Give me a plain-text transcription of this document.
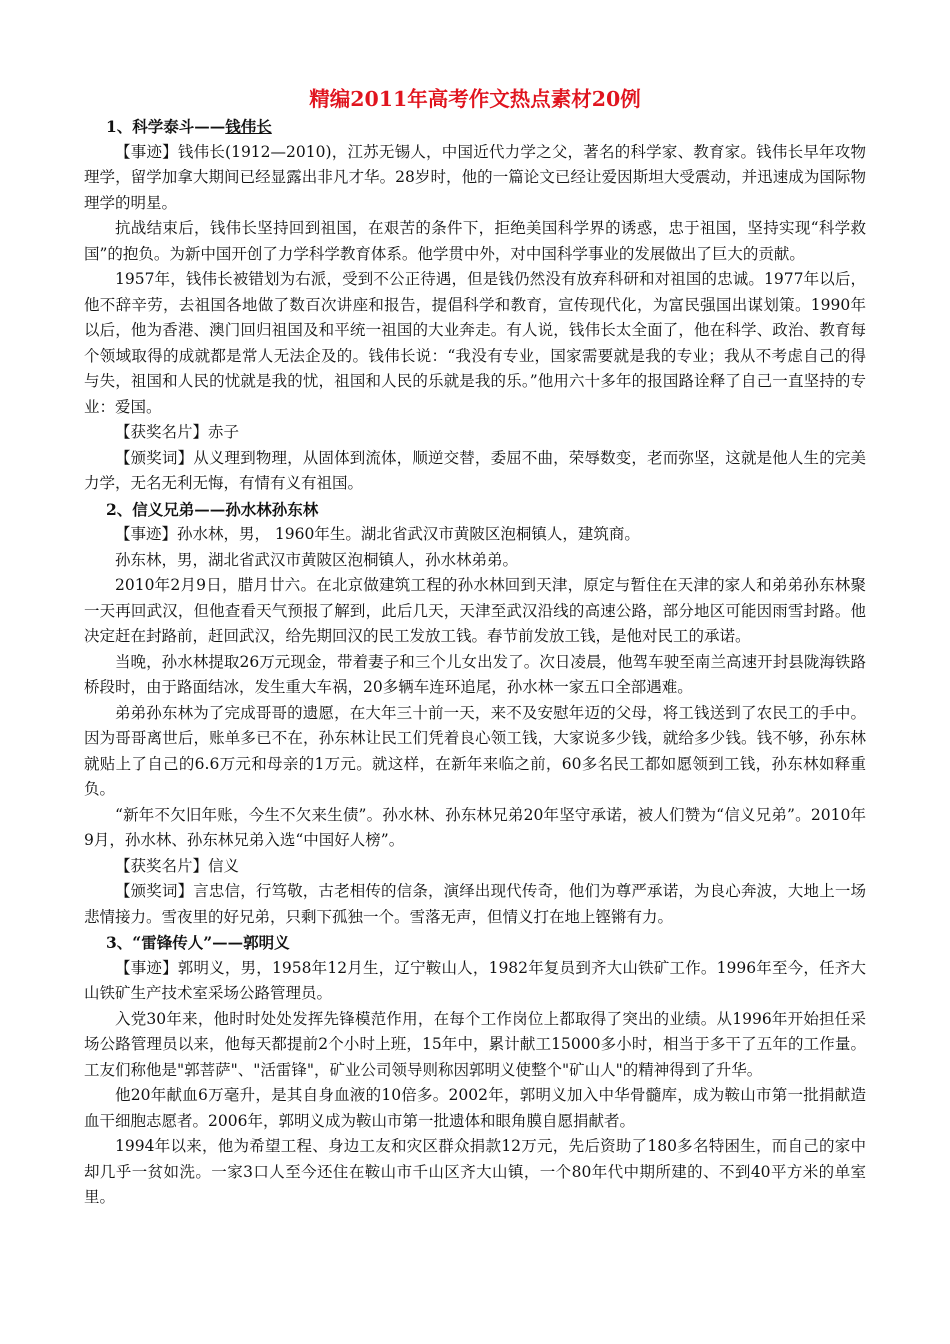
精编2011年高考作文热点素材20例

1、科学泰斗——钱伟长

【事迹】钱伟长(1912—2010)，江苏无锡人，中国近代力学之父，著名的科学家、教育家。钱伟长早年攻物理学，留学加拿大期间已经显露出非凡才华。28岁时，他的一篇论文已经让爱因斯坦大受震动，并迅速成为国际物理学的明星。

抗战结束后，钱伟长坚持回到祖国，在艰苦的条件下，拒绝美国科学界的诱惑，忠于祖国，坚持实现“科学救国”的抱负。为新中国开创了力学科学教育体系。他学贯中外，对中国科学事业的发展做出了巨大的贡献。

1957年，钱伟长被错划为右派，受到不公正待遇，但是钱仍然没有放弃科研和对祖国的忠诚。1977年以后，他不辞辛劳，去祖国各地做了数百次讲座和报告，提倡科学和教育，宣传现代化，为富民强国出谋划策。1990年以后，他为香港、澳门回归祖国及和平统一祖国的大业奔走。有人说，钱伟长太全面了，他在科学、政治、教育每个领域取得的成就都是常人无法企及的。钱伟长说：“我没有专业，国家需要就是我的专业；我从不考虑自己的得与失，祖国和人民的忧就是我的忧，祖国和人民的乐就是我的乐。”他用六十多年的报国路诠释了自己一直坚持的专业：爱国。

【获奖名片】赤子

【颁奖词】从义理到物理，从固体到流体，顺逆交替，委屈不曲，荣辱数变，老而弥坚，这就是他人生的完美力学，无名无利无悔，有情有义有祖国。

2、信义兄弟——孙水林孙东林

【事迹】孙水林，男， 1960年生。湖北省武汉市黄陂区泡桐镇人，建筑商。

孙东林，男，湖北省武汉市黄陂区泡桐镇人，孙水林弟弟。

2010年2月9日，腊月廿六。在北京做建筑工程的孙水林回到天津，原定与暂住在天津的家人和弟弟孙东林聚一天再回武汉，但他查看天气预报了解到，此后几天，天津至武汉沿线的高速公路，部分地区可能因雨雪封路。他决定赶在封路前，赶回武汉，给先期回汉的民工发放工钱。春节前发放工钱，是他对民工的承诺。

当晚，孙水林提取26万元现金，带着妻子和三个儿女出发了。次日凌晨，他驾车驶至南兰高速开封县陇海铁路桥段时，由于路面结冰，发生重大车祸，20多辆车连环追尾，孙水林一家五口全部遇难。

弟弟孙东林为了完成哥哥的遗愿，在大年三十前一天，来不及安慰年迈的父母，将工钱送到了农民工的手中。因为哥哥离世后，账单多已不在，孙东林让民工们凭着良心领工钱，大家说多少钱，就给多少钱。钱不够，孙东林就贴上了自己的6.6万元和母亲的1万元。就这样，在新年来临之前，60多名民工都如愿领到工钱，孙东林如释重负。

“新年不欠旧年账，今生不欠来生债”。孙水林、孙东林兄弟20年坚守承诺，被人们赞为“信义兄弟”。2010年9月，孙水林、孙东林兄弟入选“中国好人榜”。

【获奖名片】信义

【颁奖词】言忠信，行笃敬，古老相传的信条，演绎出现代传奇，他们为尊严承诺，为良心奔波，大地上一场悲情接力。雪夜里的好兄弟，只剩下孤独一个。雪落无声，但情义打在地上铿锵有力。

3、“雷锋传人”——郭明义

【事迹】郭明义，男，1958年12月生，辽宁鞍山人，1982年复员到齐大山铁矿工作。1996年至今，任齐大山铁矿生产技术室采场公路管理员。

入党30年来，他时时处处发挥先锋模范作用，在每个工作岗位上都取得了突出的业绩。从1996年开始担任采场公路管理员以来，他每天都提前2个小时上班，15年中，累计献工15000多小时，相当于多干了五年的工作量。工友们称他是"郭菩萨"、"活雷锋"，矿业公司领导则称因郭明义使整个"矿山人"的精神得到了升华。

他20年献血6万毫升，是其自身血液的10倍多。2002年，郭明义加入中华骨髓库，成为鞍山市第一批捐献造血干细胞志愿者。2006年，郭明义成为鞍山市第一批遗体和眼角膜自愿捐献者。

1994年以来，他为希望工程、身边工友和灾区群众捐款12万元，先后资助了180多名特困生，而自己的家中却几乎一贫如洗。一家3口人至今还住在鞍山市千山区齐大山镇，一个80年代中期所建的、不到40平方米的单室里。
